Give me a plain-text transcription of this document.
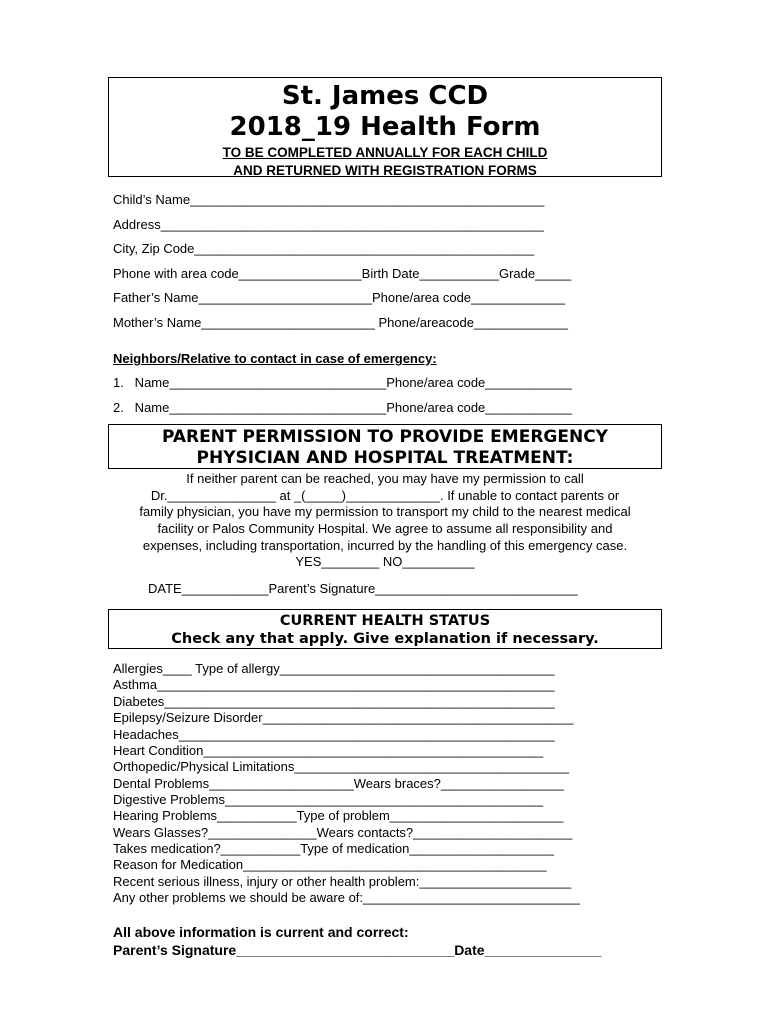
St. James CCD
2018_19 Health Form
TO BE COMPLETED ANNUALLY FOR EACH CHILD
AND RETURNED WITH REGISTRATION FORMS
Child’s Name_________________________________________________
Address_____________________________________________________
City, Zip Code_______________________________________________
Phone with area code_________________Birth Date___________Grade_____
Father’s Name________________________Phone/area code_____________
Mother’s Name________________________ Phone/areacode_____________
Neighbors/Relative to contact in case of emergency:
1.   Name______________________________Phone/area code____________
2.   Name______________________________Phone/area code____________
PARENT PERMISSION TO PROVIDE EMERGENCY
PHYSICIAN AND HOSPITAL TREATMENT:
If neither parent can be reached, you may have my permission to call
Dr._______________ at _(_____)_____________. If unable to contact parents or
family physician, you have my permission to transport my child to the nearest medical
facility or Palos Community Hospital. We agree to assume all responsibility and
expenses, including transportation, incurred by the handling of this emergency case.
YES________ NO__________
DATE____________Parent’s Signature____________________________
CURRENT HEALTH STATUS
Check any that apply. Give explanation if necessary.
Allergies____ Type of allergy______________________________________
Asthma_______________________________________________________
Diabetes______________________________________________________
Epilepsy/Seizure Disorder___________________________________________
Headaches____________________________________________________
Heart Condition_______________________________________________
Orthopedic/Physical Limitations______________________________________
Dental Problems____________________Wears braces?_________________
Digestive Problems____________________________________________
Hearing Problems___________Type of problem________________________
Wears Glasses?_______________Wears contacts?______________________
Takes medication?___________Type of medication____________________
Reason for Medication__________________________________________
Recent serious illness, injury or other health problem:_____________________
Any other problems we should be aware of:______________________________
All above information is current and correct:
Parent’s Signature____________________________Date_______________
